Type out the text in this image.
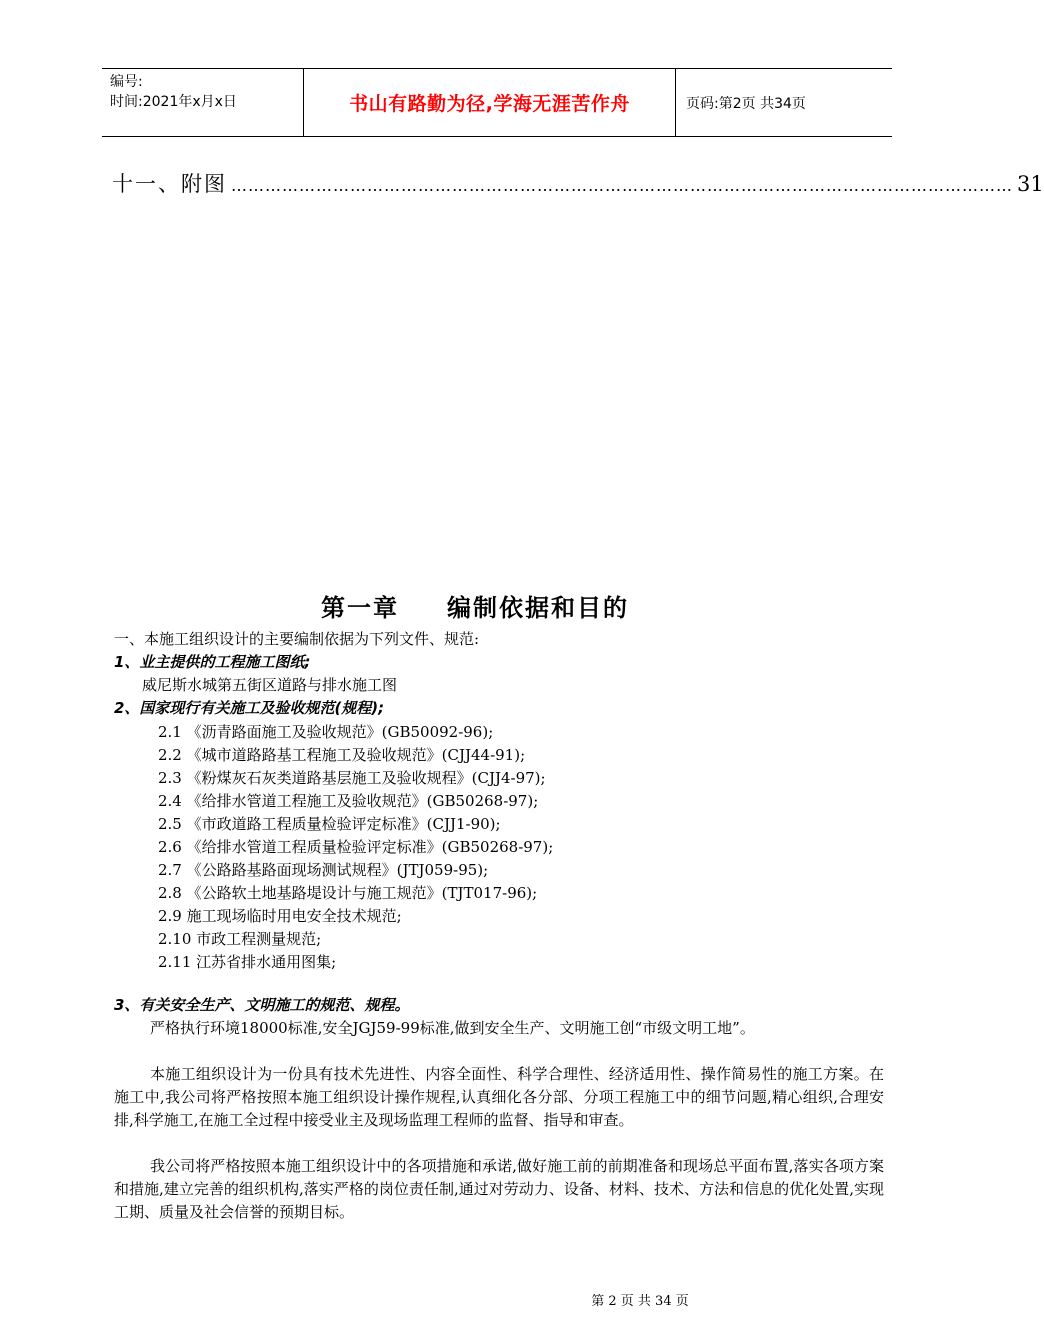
编号:
时间:2021年x月x日	书山有路勤为径,学海无涯苦作舟	页码:第2页 共34页
十一、附图 ………………………………………………………………………………………………………………………… 31
第一章 编制依据和目的
一、本施工组织设计的主要编制依据为下列文件、规范:
1、业主提供的工程施工图纸;
威尼斯水城第五街区道路与排水施工图
2、国家现行有关施工及验收规范(规程);
2.1 《沥青路面施工及验收规范》(GB50092-96);
2.2 《城市道路路基工程施工及验收规范》(CJJ44-91);
2.3 《粉煤灰石灰类道路基层施工及验收规程》(CJJ4-97);
2.4 《给排水管道工程施工及验收规范》(GB50268-97);
2.5 《市政道路工程质量检验评定标准》(CJJ1-90);
2.6 《给排水管道工程质量检验评定标准》(GB50268-97);
2.7 《公路路基路面现场测试规程》(JTJ059-95);
2.8 《公路软土地基路堤设计与施工规范》(TJT017-96);
2.9 施工现场临时用电安全技术规范;
2.10 市政工程测量规范;
2.11 江苏省排水通用图集;
3、有关安全生产、文明施工的规范、规程。
严格执行环境18000标准,安全JGJ59-99标准,做到安全生产、文明施工创“市级文明工地”。
本施工组织设计为一份具有技术先进性、内容全面性、科学合理性、经济适用性、操作简易性的施工方案。在施工中,我公司将严格按照本施工组织设计操作规程,认真细化各分部、分项工程施工中的细节问题,精心组织,合理安排,科学施工,在施工全过程中接受业主及现场监理工程师的监督、指导和审查。
我公司将严格按照本施工组织设计中的各项措施和承诺,做好施工前的前期准备和现场总平面布置,落实各项方案和措施,建立完善的组织机构,落实严格的岗位责任制,通过对劳动力、设备、材料、技术、方法和信息的优化处置,实现工期、质量及社会信誉的预期目标。
第 2 页 共 34 页
